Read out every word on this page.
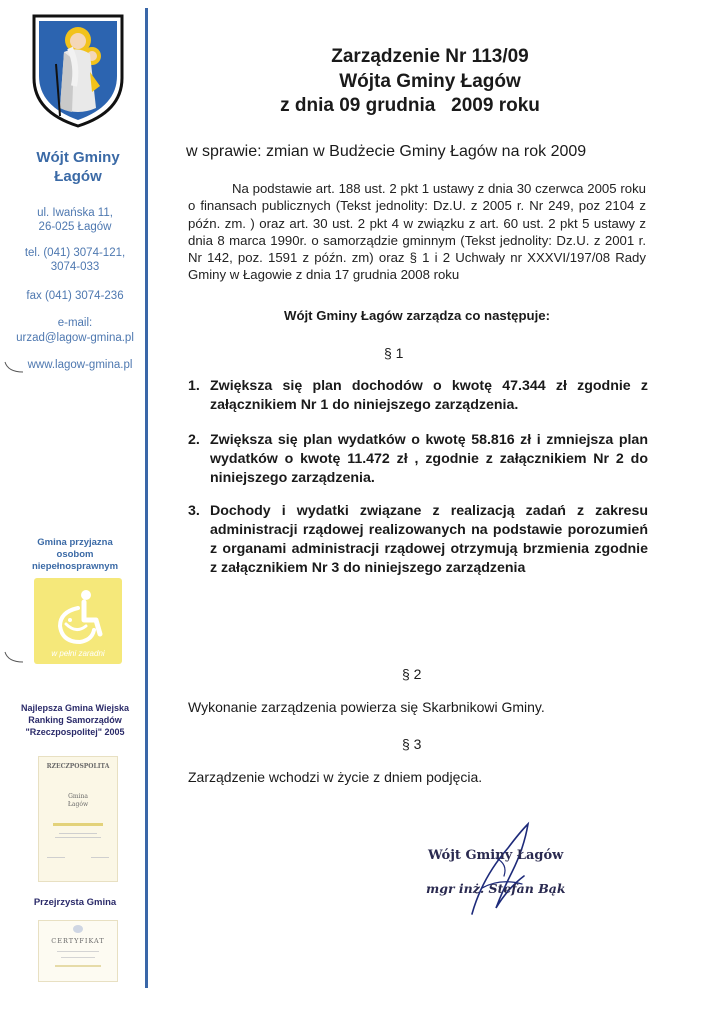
Wójt Gminy
Łagów
ul. Iwańska 11,
26-025 Łagów
tel. (041) 3074-121,
3074-033
fax (041) 3074-236
e-mail:
urzad@lagow-gmina.pl
www.lagow-gmina.pl
Gmina przyjazna
osobom
niepełnosprawnym
w pełni zaradni
Najlepsza Gmina Wiejska
Ranking Samorządów
"Rzeczpospolitej" 2005
RZECZPOSPOLITA
Gmina
Łagów
Przejrzysta Gmina
CERTYFIKAT
Zarządzenie Nr 113/09
Wójta Gminy Łagów
z dnia 09 grudnia   2009 roku
w sprawie: zmian w Budżecie Gminy Łagów na rok 2009
Na podstawie art. 188 ust. 2 pkt 1 ustawy z dnia 30 czerwca 2005 roku o finansach publicznych (Tekst jednolity: Dz.U. z 2005 r. Nr 249, poz 2104 z późn. zm. ) oraz art. 30 ust. 2 pkt 4 w związku z art. 60 ust. 2 pkt 5 ustawy z dnia 8 marca 1990r. o samorządzie gminnym (Tekst jednolity: Dz.U. z 2001 r. Nr 142, poz. 1591 z późn. zm) oraz § 1 i 2 Uchwały nr XXXVI/197/08 Rady Gminy w Łagowie z dnia 17 grudnia 2008 roku
Wójt Gminy Łagów zarządza co następuje:
§ 1
1. Zwiększa się plan dochodów o kwotę 47.344 zł zgodnie z załącznikiem Nr 1 do niniejszego zarządzenia.
2. Zwiększa się plan wydatków o kwotę 58.816 zł i zmniejsza plan wydatków o kwotę 11.472 zł , zgodnie z załącznikiem Nr 2 do niniejszego zarządzenia.
3. Dochody i wydatki związane z realizacją zadań z zakresu administracji rządowej realizowanych na podstawie porozumień z organami administracji rządowej otrzymują brzmienia zgodnie z załącznikiem Nr 3 do niniejszego zarządzenia
§ 2
Wykonanie zarządzenia powierza się Skarbnikowi Gminy.
§ 3
Zarządzenie wchodzi w życie z dniem podjęcia.
Wójt Gminy Łagów
mgr inż. Stefan Bąk
